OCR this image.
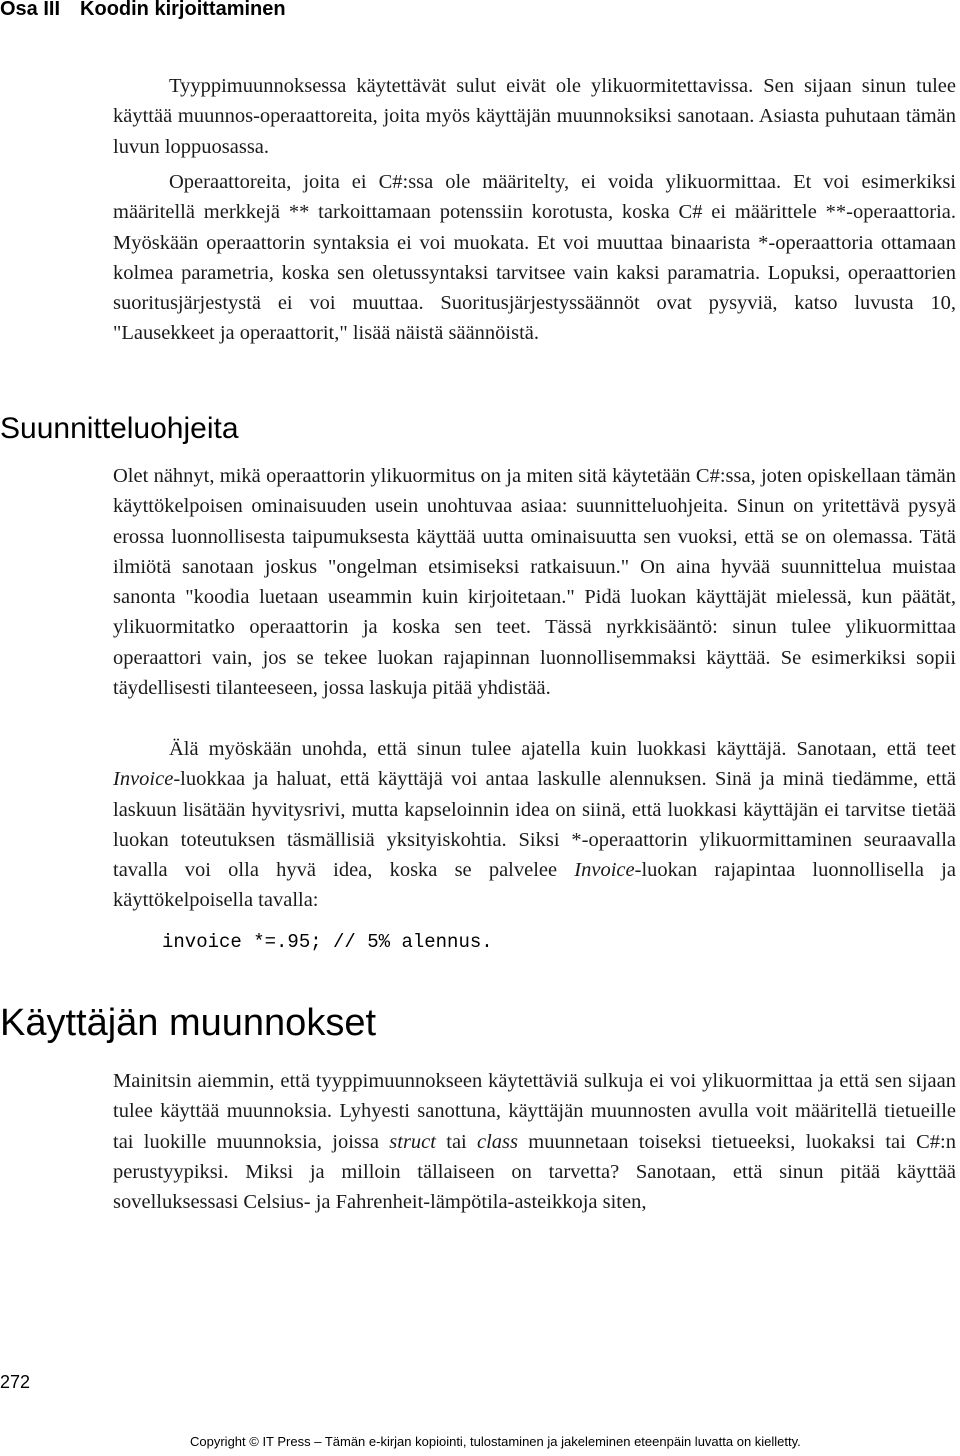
Osa III Koodin kirjoittaminen

Tyyppimuunnoksessa käytettävät sulut eivät ole ylikuormitettavissa. Sen sijaan sinun tulee käyttää muunnos-operaattoreita, joita myös käyttäjän muunnoksiksi sanotaan. Asiasta puhutaan tämän luvun loppuosassa.

Operaattoreita, joita ei C#:ssa ole määritelty, ei voida ylikuormittaa. Et voi esimerkiksi määritellä merkkejä ** tarkoittamaan potenssiin korotusta, koska C# ei määrittele **-operaattoria. Myöskään operaattorin syntaksia ei voi muokata. Et voi muuttaa binaarista *-operaattoria ottamaan kolmea parametria, koska sen oletussyntaksi tarvitsee vain kaksi paramatria. Lopuksi, operaattorien suoritusjärjestystä ei voi muuttaa. Suoritusjärjestyssäännöt ovat pysyviä, katso luvusta 10, "Lausekkeet ja operaattorit," lisää näistä säännöistä.

Suunnitteluohjeita

Olet nähnyt, mikä operaattorin ylikuormitus on ja miten sitä käytetään C#:ssa, joten opiskellaan tämän käyttökelpoisen ominaisuuden usein unohtuvaa asiaa: suunnitteluohjeita. Sinun on yritettävä pysyä erossa luonnollisesta taipumuksesta käyttää uutta ominaisuutta sen vuoksi, että se on olemassa. Tätä ilmiötä sanotaan joskus "ongelman etsimiseksi ratkaisuun." On aina hyvää suunnittelua muistaa sanonta "koodia luetaan useammin kuin kirjoitetaan." Pidä luokan käyttäjät mielessä, kun päätät, ylikuormitatko operaattorin ja koska sen teet. Tässä nyrkkisääntö: sinun tulee ylikuormittaa operaattori vain, jos se tekee luokan rajapinnan luonnollisemmaksi käyttää. Se esimerkiksi sopii täydellisesti tilanteeseen, jossa laskuja pitää yhdistää.

Älä myöskään unohda, että sinun tulee ajatella kuin luokkasi käyttäjä. Sanotaan, että teet Invoice-luokkaa ja haluat, että käyttäjä voi antaa laskulle alennuksen. Sinä ja minä tiedämme, että laskuun lisätään hyvitysrivi, mutta kapseloinnin idea on siinä, että luokkasi käyttäjän ei tarvitse tietää luokan toteutuksen täsmällisiä yksityiskohtia. Siksi *-operaattorin ylikuormittaminen seuraavalla tavalla voi olla hyvä idea, koska se palvelee Invoice-luokan rajapintaa luonnollisella ja käyttökelpoisella tavalla:

invoice *=.95; // 5% alennus.
Käyttäjän muunnokset

Mainitsin aiemmin, että tyyppimuunnokseen käytettäviä sulkuja ei voi ylikuormittaa ja että sen sijaan tulee käyttää muunnoksia. Lyhyesti sanottuna, käyttäjän muunnosten avulla voit määritellä tietueille tai luokille muunnoksia, joissa struct tai class muunnetaan toiseksi tietueeksi, luokaksi tai C#:n perustyypiksi. Miksi ja milloin tällaiseen on tarvetta? Sanotaan, että sinun pitää käyttää sovelluksessasi Celsius- ja Fahrenheit-lämpötila-asteikkoja siten,

272
Copyright © IT Press – Tämän e-kirjan kopiointi, tulostaminen ja jakeleminen eteenpäin luvatta on kielletty.
